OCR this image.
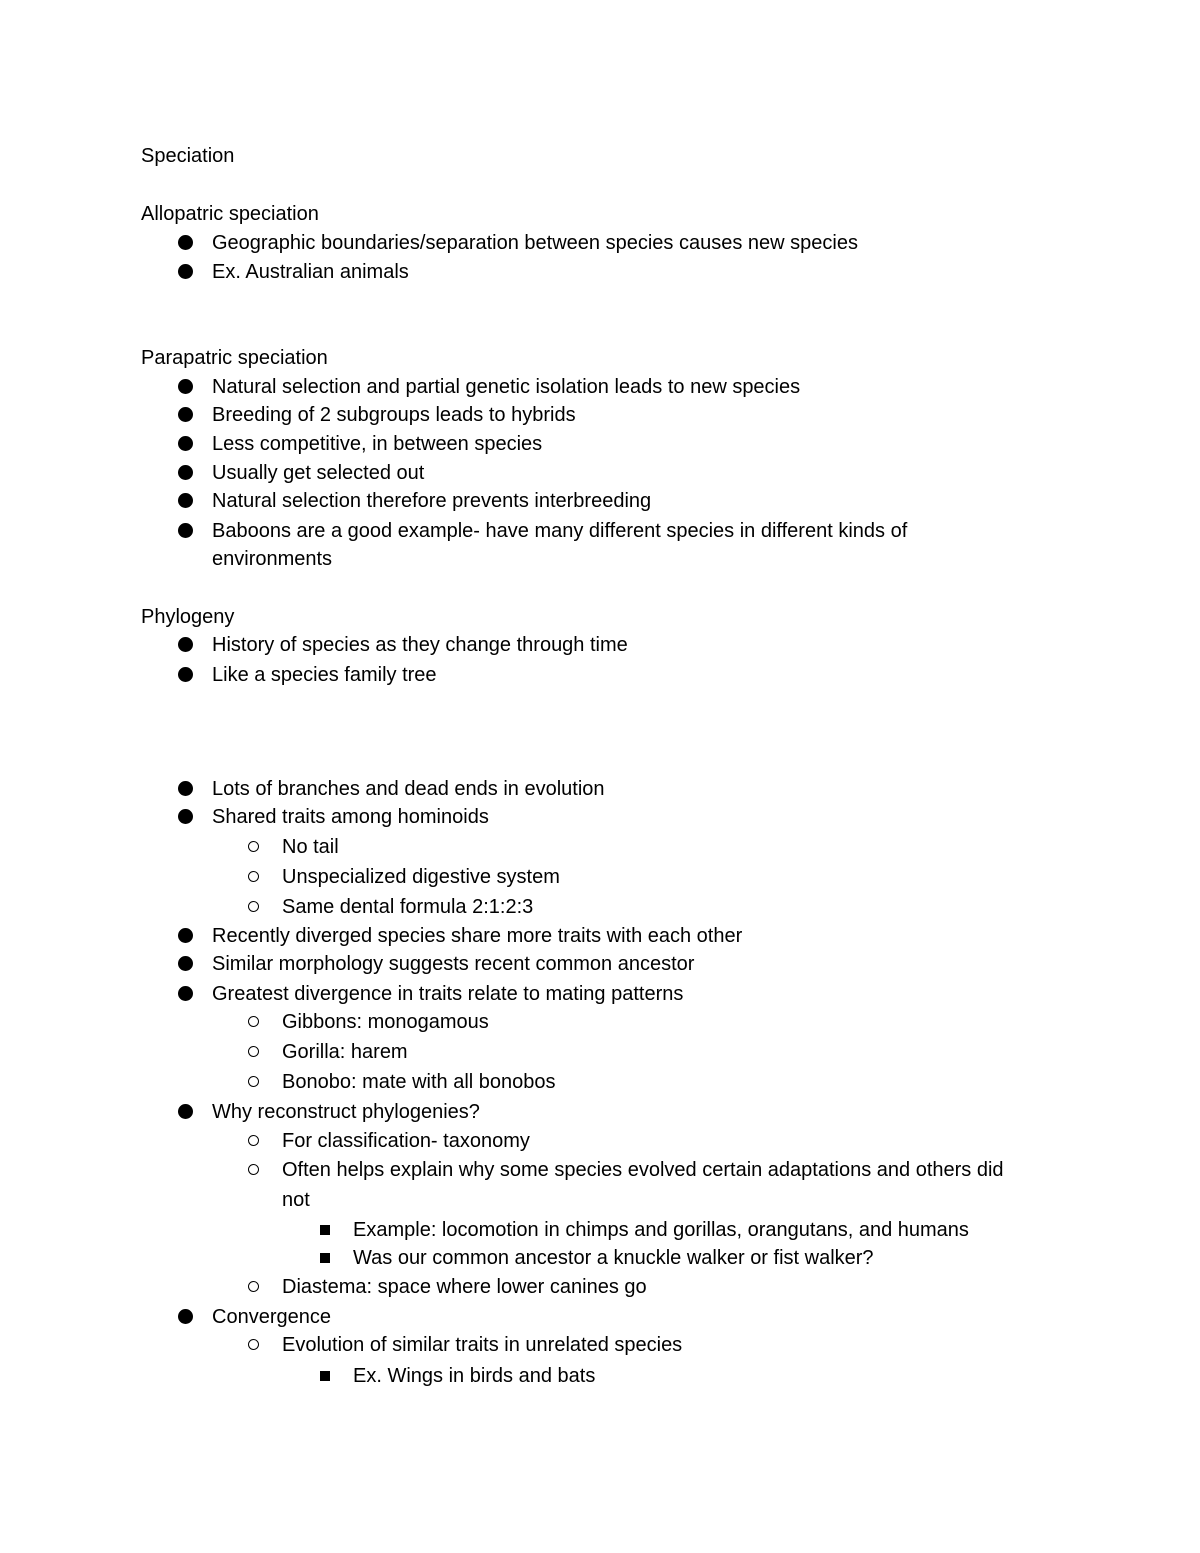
Speciation
Allopatric speciation
Geographic boundaries/separation between species causes new species
Ex. Australian animals
Parapatric speciation
Natural selection and partial genetic isolation leads to new species
Breeding of 2 subgroups leads to hybrids
Less competitive, in between species
Usually get selected out
Natural selection therefore prevents interbreeding
Baboons are a good example- have many different species in different kinds of
environments
Phylogeny
History of species as they change through time
Like a species family tree
Lots of branches and dead ends in evolution
Shared traits among hominoids
No tail
Unspecialized digestive system
Same dental formula 2:1:2:3
Recently diverged species share more traits with each other
Similar morphology suggests recent common ancestor
Greatest divergence in traits relate to mating patterns
Gibbons: monogamous
Gorilla: harem
Bonobo: mate with all bonobos
Why reconstruct phylogenies?
For classification- taxonomy
Often helps explain why some species evolved certain adaptations and others did
not
Example: locomotion in chimps and gorillas, orangutans, and humans
Was our common ancestor a knuckle walker or fist walker?
Diastema: space where lower canines go
Convergence
Evolution of similar traits in unrelated species
Ex. Wings in birds and bats
